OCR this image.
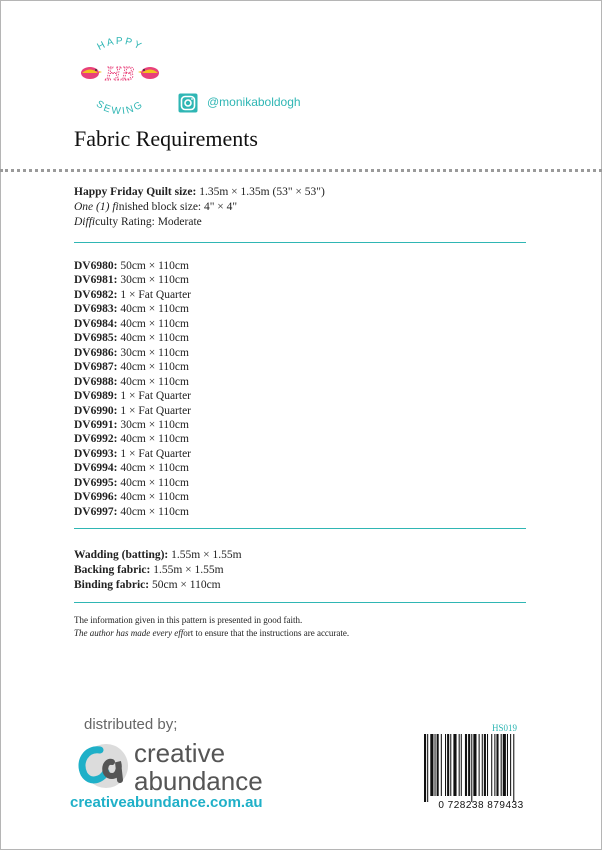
HAPPY
SEWING
HB
@monikaboldogh
Fabric Requirements
Happy Friday Quilt size: 1.35m × 1.35m (53" × 53")
One (1) finished block size: 4" × 4"
Difficulty Rating: Moderate
DV6980: 50cm × 110cm
DV6981: 30cm × 110cm
DV6982: 1 × Fat Quarter
DV6983: 40cm × 110cm
DV6984: 40cm × 110cm
DV6985: 40cm × 110cm
DV6986: 30cm × 110cm
DV6987: 40cm × 110cm
DV6988: 40cm × 110cm
DV6989: 1 × Fat Quarter
DV6990: 1 × Fat Quarter
DV6991: 30cm × 110cm
DV6992: 40cm × 110cm
DV6993: 1 × Fat Quarter
DV6994: 40cm × 110cm
DV6995: 40cm × 110cm
DV6996: 40cm × 110cm
DV6997: 40cm × 110cm
Wadding (batting): 1.55m × 1.55m
Backing fabric: 1.55m × 1.55m
Binding fabric: 50cm × 110cm
The information given in this pattern is presented in good faith.
The author has made every effort to ensure that the instructions are accurate.
distributed by;
creative
abundance
creativeabundance.com.au
HS019
0 728238 879433
